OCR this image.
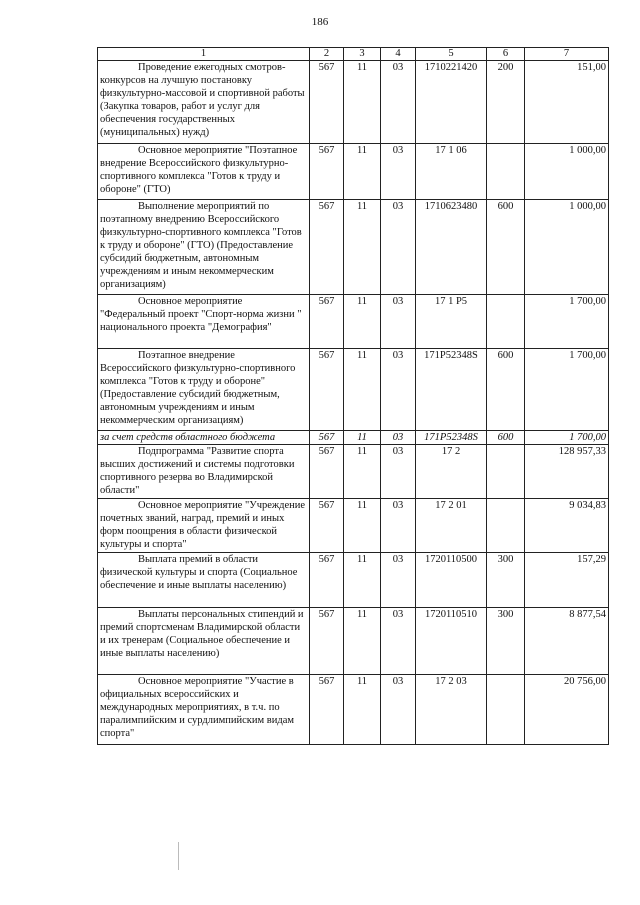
186
1	2	3	4	5	6	7

Проведение ежегодных смотров-конкурсов на лучшую постановку физкультурно-массовой и спортивной работы (Закупка товаров, работ и услуг для обеспечения государственных (муниципальных) нужд)	567	11	03	1710221420	200	151,00

Основное мероприятие "Поэтапное внедрение Всероссийского физкультурно-спортивного комплекса "Готов к труду и обороне" (ГТО)	567	11	03	17 1 06		1 000,00

Выполнение мероприятий по поэтапному внедрению Всероссийского физкультурно-спортивного комплекса "Готов к труду и обороне" (ГТО) (Предоставление субсидий бюджетным, автономным учреждениям и иным некоммерческим организациям)	567	11	03	1710623480	600	1 000,00

Основное мероприятие "Федеральный проект "Спорт-норма жизни " национального проекта "Демография"	567	11	03	17 1 Р5		1 700,00

Поэтапное внедрение Всероссийского физкультурно-спортивного комплекса "Готов к труду и обороне" (Предоставление субсидий бюджетным, автономным учреждениям и иным некоммерческим организациям)	567	11	03	171Р52348S	600	1 700,00

за счет средств областного бюджета	567	11	03	171Р52348S	600	1 700,00

Подпрограмма "Развитие спорта высших достижений и системы подготовки спортивного резерва во Владимирской области"	567	11	03	17 2		128 957,33

Основное мероприятие "Учреждение почетных званий, наград, премий и иных форм поощрения в области физической культуры и спорта"	567	11	03	17 2 01		9 034,83

Выплата премий в области физической культуры и спорта (Социальное обеспечение и иные выплаты населению)	567	11	03	1720110500	300	157,29

Выплаты персональных стипендий и премий спортсменам Владимирской области и их тренерам (Социальное обеспечение и иные выплаты населению)	567	11	03	1720110510	300	8 877,54

Основное мероприятие "Участие в официальных всероссийских и международных мероприятиях, в т.ч. по паралимпийским и сурдлимпийским видам спорта"	567	11	03	17 2 03		20 756,00
